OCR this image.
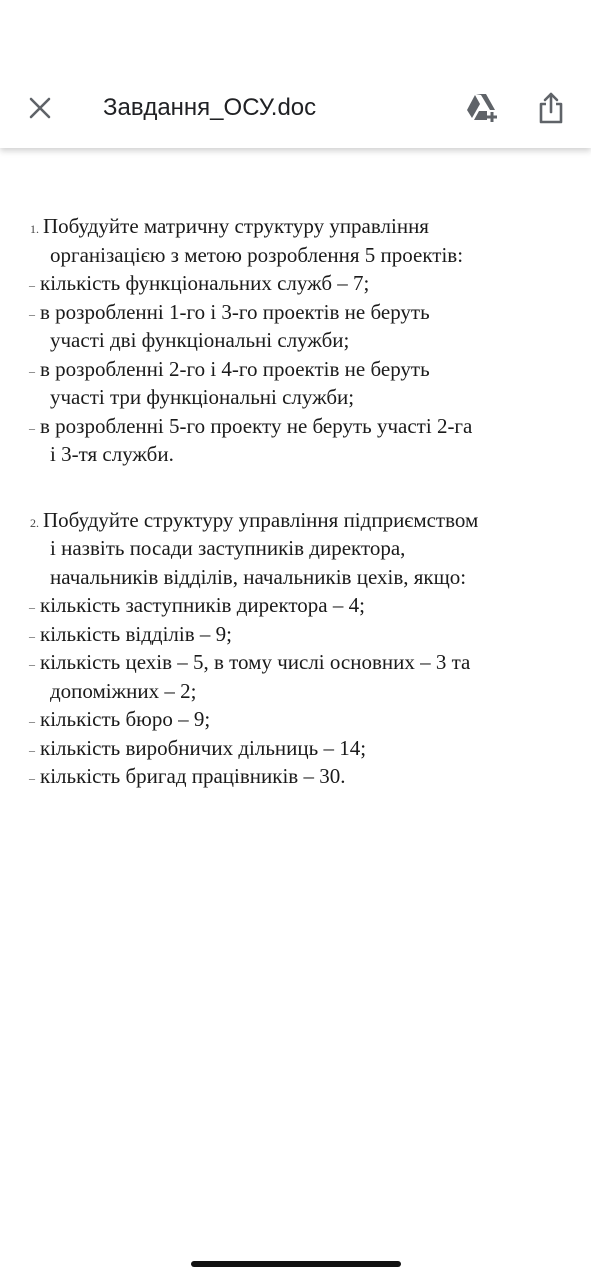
Завдання_ОСУ.doc
1. Побудуйте матричну структуру управління
організацією з метою розроблення 5 проектів:
– кількість функціональних служб – 7;
– в розробленні 1-го і 3-го проектів не беруть
участі дві функціональні служби;
– в розробленні 2-го і 4-го проектів не беруть
участі три функціональні служби;
– в розробленні 5-го проекту не беруть участі 2-га
і 3-тя служби.
2. Побудуйте структуру управління підприємством
і назвіть посади заступників директора,
начальників відділів, начальників цехів, якщо:
– кількість заступників директора – 4;
– кількість відділів – 9;
– кількість цехів – 5, в тому числі основних – 3 та
допоміжних – 2;
– кількість бюро – 9;
– кількість виробничих дільниць – 14;
– кількість бригад працівників – 30.
